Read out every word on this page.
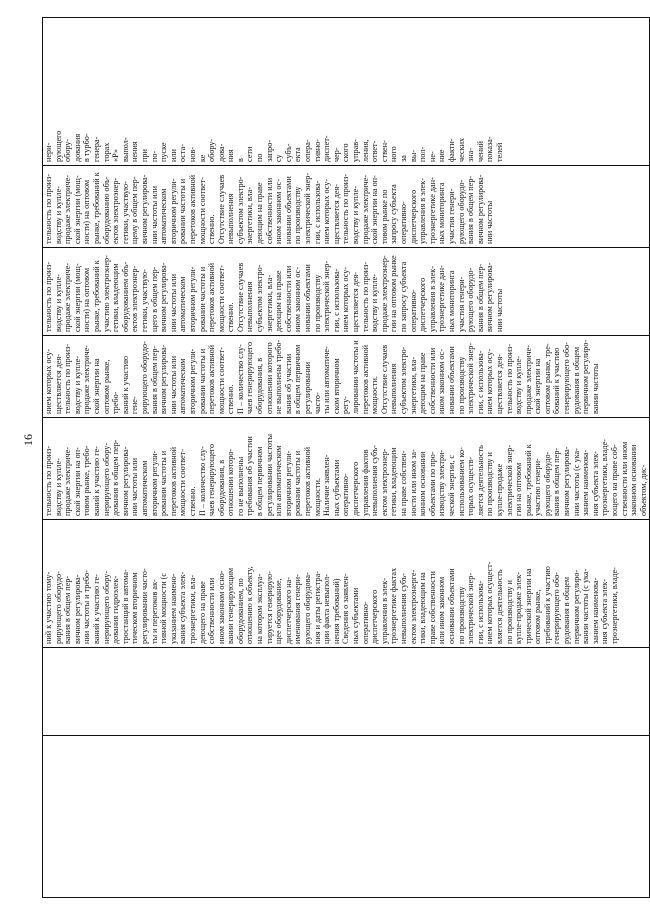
16

ний к участию тому-
рирующего оборудо-
вания в общем пер-
вичном регулирова-
нии частоты и требо-
ваний к участию ге-
нерирующего обору-
дования гидроэлек-
тростанций в автома-
тическом вторичном
регулировании часто-
ты и перетоков ак-
тивной мощности (с
указанием наимено-
вания субъекта элек-
троэнергетики, вла-
деющего на праве
собственности или
ином законном осно-
вании генерирующим
оборудованием, по
отношению к объекту,
на котором эксплуа-
тируется генерирую-
щее оборудование,
диспетчерского на-
именования генери-
рующего оборудова-
ния и даты регистра-
ции факта невыпол-
нения требований)
Сведения о заявлен-
ных субъектами
оперативно-
диспетчерского
управления в элек-
троэнергетике фактах
невыполнения субъ-
ектом электроэнерге-
тики, владеющим на
праве собственности
или ином законном
основании объектами
по производству
электрической энер-
гии, с использова-
нием которых осущест-
вляется деятельность
по производству и
купле-продаже элек-
трической энергии на
оптовом рынке,
требований к участию
генерирующего обо-
рудования в общем
первичном регулиро-
вании частоты (с ука-
занием наименова-
ния субъекта элек-
троэнергетики, владе-

тельность по произ-
водству и купле-
продаже электриче-
ской энергии на оп-
товом рынке, требо-
ваний к участию ге-
нерирующего обору-
дования в общем пер-
вичном регулирова-
нии частоты или
автоматическом
вторичном регули-
ровании частоты и
перетоков активной
мощности соответ-
ственно.
П – количество слу-
чаев генерирующего
оборудования, в
отношении которо-
го не выполнены
требования об участии
в общем первичном
регулировании частоты
или автоматическом
вторичном регули-
ровании частоты и
перетоков активной
мощности.
Наличие заявлен-
ных субъектами
оперативно-
диспетчерского
управления фактов
невыполнения субъ-
ектом электроэнер-
гетики, владеющим
на праве собствен-
ности или ином за-
конном основании
объектами по про-
изводству электри-
ческой энергии, с
использованием ко-
торых осуществ-
ляется деятельность
по производству и
купле-продаже
электрической энер-
гии на оптовом
рынке, требований к
участию генери-
рующего оборудо-
вания в общем пер-
вичном регулирова-
нии частоты (с ука-
занием наименова-
ния субъекта элек-
троэнергетики, владе-
ющего на праве соб-
ственности или ином
законном основании
объектом, дис-

нием которых осу-
ществляется дея-
тельность по произ-
водству и купле-
продаже электриче-
ской энергии на
оптовом рынке, требо-
ваний к участию гене-
рирующего оборудо-
вания в общем пер-
вичном регулирова-
нии частоты или
автоматическом
вторичном регули-
ровании частоты и
перетоков активной
мощности соответ-
ственно.
П – количество слу-
чаев генерирующего
оборудования, в
отношении которого
не выполнены требо-
вания об участии
в общем первичном
регулировании часто-
ты или автоматиче-
ском вторичном регу-
лировании частоты и
перетоков активной
мощности.
Отсутствие случаев
невыполнения
субъектом электро-
энергетики, вла-
деющим на праве
собственности или
ином законном ос-
новании объектами
по производству
электрической энер-
гии, с использова-
нием которых осу-
ществляется дея-
тельность по произ-
водству и купле-
продаже электриче-
ской энергии на
оптовом рынке, тре-
бований к участию
генерирующего обо-
рудования в общем
первичном регулиро-
вании частоты

тельность по произ-
водству и купле-
продаже электриче-
ской энергии (мощ-
ности) на оптовом
рынке, требований к
участию электроэнер-
гетики, владеющим
оборудованием объ-
ектов электроэнер-
гетики, участвую-
щего в общем пер-
вичном регулирова-
нии частоты или
автоматическом
вторичном регули-
ровании частоты и
перетоков активной
мощности соответ-
ственно.
Отсутствие случаев
невыполнения
субъектом электро-
энергетики, вла-
деющим на праве
собственности или
ином законном ос-
новании объектами
по производству
электрической энер-
гии, с использова-
нием которых осу-
ществляется дея-
тельность по произ-
водству и купле-
продаже электроэнер-
гии на оптовом рынке
по запросу субъекта
оперативно-
диспетчерского
управления в элек-
троэнергетике дан-
ных мониторинга
участия генери-
рующего оборудо-
вания в общем пер-
вичном регулирова-
нии частоты

тельность по произ-
водству и купле-
продаже электриче-
ской энергии (мощ-
ности) на оптовом
рынке, требований к
оборудованию объ-
ектов электроэнер-
гетики, участвую-
щему в общем пер-
вичном регулирова-
нии частоты или
автоматическом
вторичном регули-
ровании частоты и
перетоков активной
мощности соответ-
ственно.
Отсутствие случаев
невыполнения
субъектом электро-
энергетики, вла-
деющим на праве
собственности или
ином законном ос-
новании объектами
по производству
электрической энер-
гии, с использова-
нием которых осу-
ществляется дея-
тельность по произ-
водству и купле-
продаже электриче-
ской энергии на оп-
товом рынке по
запросу субъекта
оперативно-
диспетчерского
управления в элек-
троэнергетике дан-
ных мониторинга
участия генери-
рующего оборудо-
вания в общем пер-
вичном регулирова-
нии частоты

нери-
рующего
обору-
дования
в турбо-
генера-
торах
«Р»
выпол-
нения
при
по-
пуске
или
оста-
нов-
ке
обору-
дова-
ния
в
сети
по
запро-
су
субъ-
екта
опера-
тивно-
диспет-
чер-
ского
управ-
ления,
ответ-
ствен-
ного
за
вы-
пол-
не-
ние
факти-
ческих
зна-
чений
показа-
телей
